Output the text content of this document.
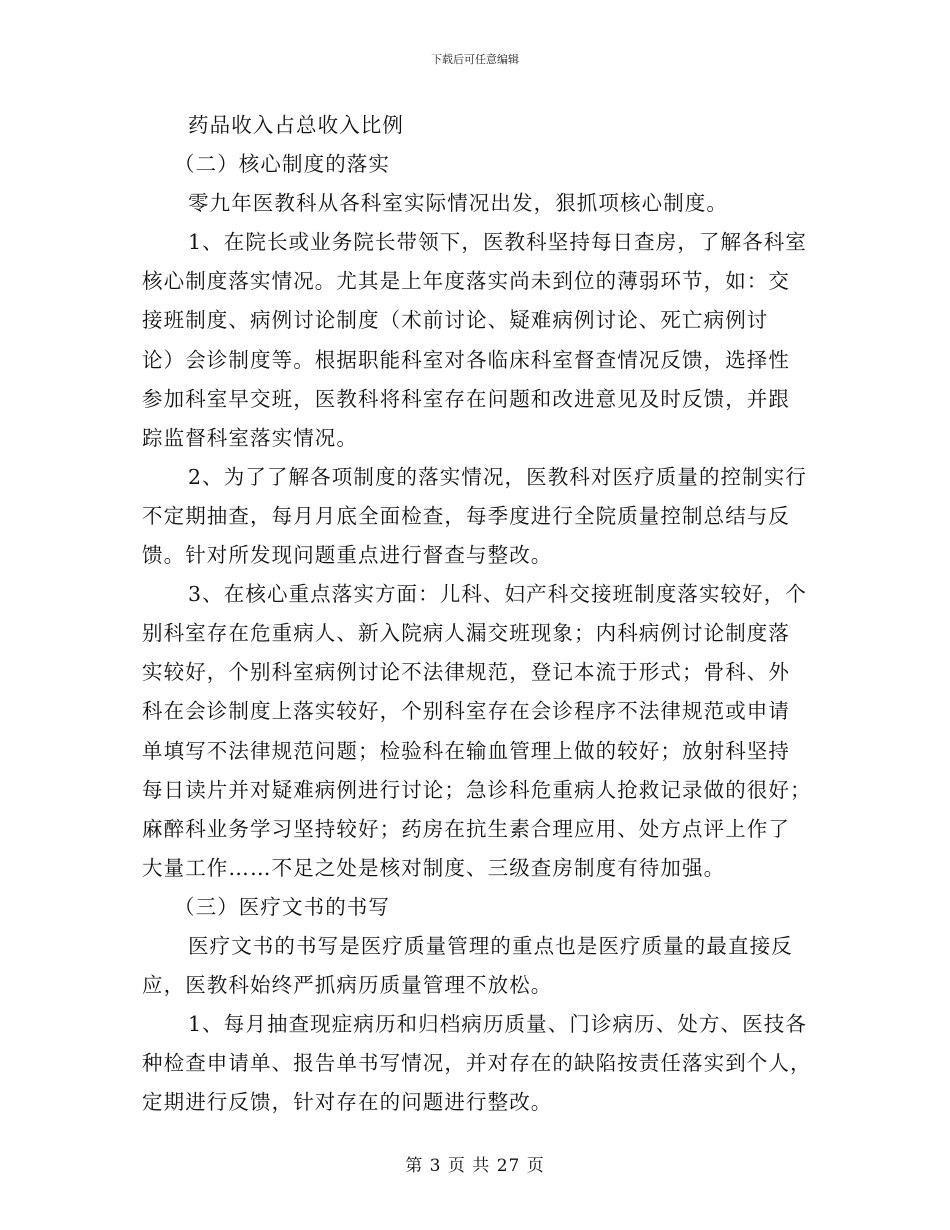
下载后可任意编辑
药品收入占总收入比例
（二）核心制度的落实
零九年医教科从各科室实际情况出发，狠抓项核心制度。
1、在院长或业务院长带领下，医教科坚持每日查房，了解各科室
核心制度落实情况。尤其是上年度落实尚未到位的薄弱环节，如：交
接班制度、病例讨论制度（术前讨论、疑难病例讨论、死亡病例讨
论）会诊制度等。根据职能科室对各临床科室督查情况反馈，选择性
参加科室早交班，医教科将科室存在问题和改进意见及时反馈，并跟
踪监督科室落实情况。
2、为了了解各项制度的落实情况，医教科对医疗质量的控制实行
不定期抽查，每月月底全面检查，每季度进行全院质量控制总结与反
馈。针对所发现问题重点进行督查与整改。
3、在核心重点落实方面：儿科、妇产科交接班制度落实较好，个
别科室存在危重病人、新入院病人漏交班现象；内科病例讨论制度落
实较好，个别科室病例讨论不法律规范，登记本流于形式；骨科、外
科在会诊制度上落实较好，个别科室存在会诊程序不法律规范或申请
单填写不法律规范问题；检验科在输血管理上做的较好；放射科坚持
每日读片并对疑难病例进行讨论；急诊科危重病人抢救记录做的很好；
麻醉科业务学习坚持较好；药房在抗生素合理应用、处方点评上作了
大量工作……不足之处是核对制度、三级查房制度有待加强。
（三）医疗文书的书写
医疗文书的书写是医疗质量管理的重点也是医疗质量的最直接反
应，医教科始终严抓病历质量管理不放松。
1、每月抽查现症病历和归档病历质量、门诊病历、处方、医技各
种检查申请单、报告单书写情况，并对存在的缺陷按责任落实到个人，
定期进行反馈，针对存在的问题进行整改。
第 3 页 共 27 页
